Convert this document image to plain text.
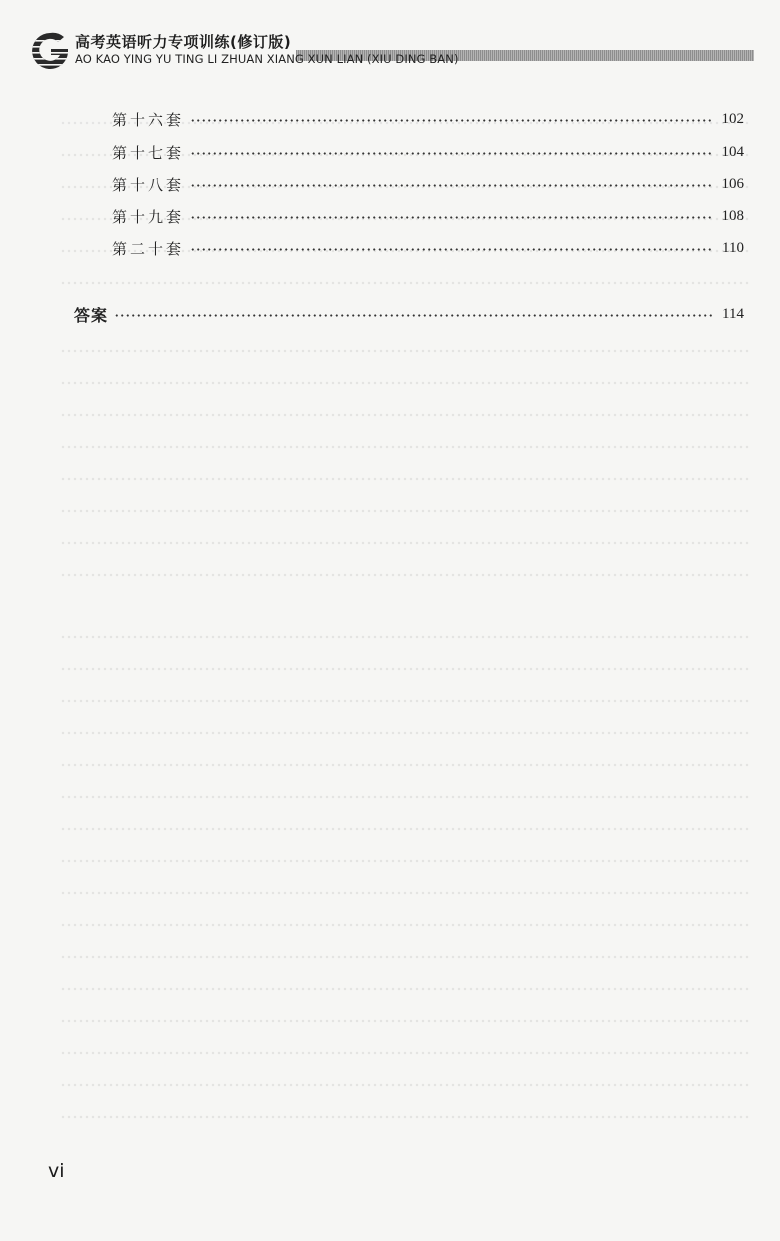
高考英语听力专项训练(修订版)
AO KAO YING YU TING LI ZHUAN XIANG XUN LIAN (XIU DING BAN)
第十六套	102
第十七套	104
第十八套	106
第十九套	108
第二十套	110
答案	114
vi
